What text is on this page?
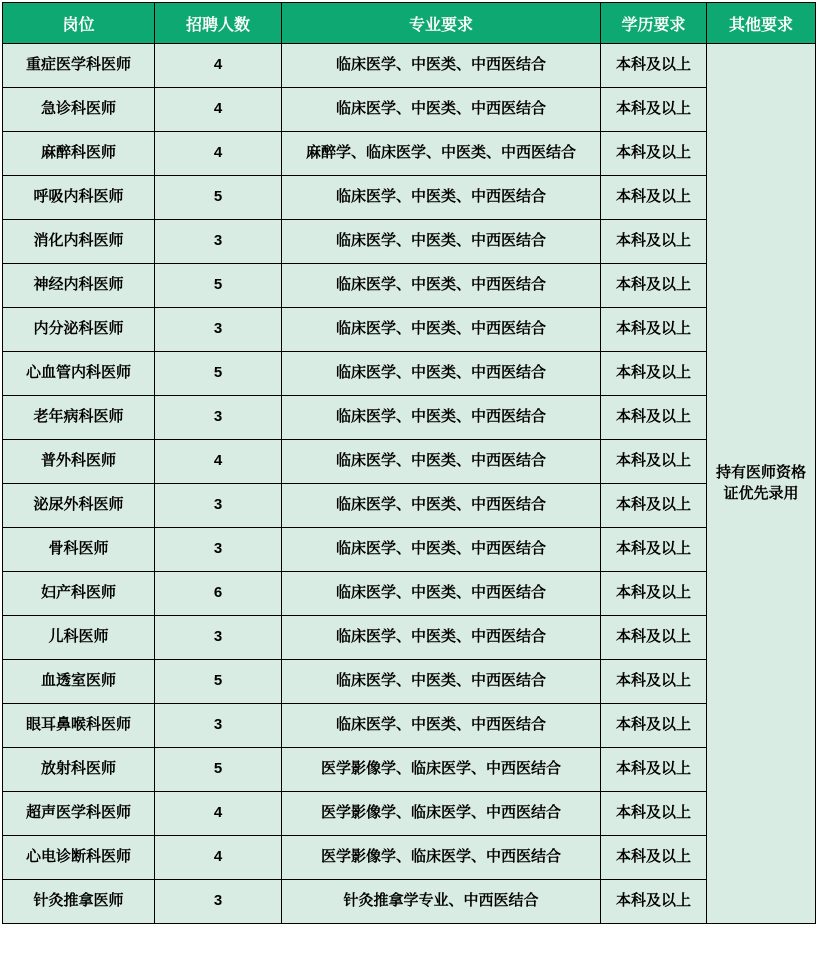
岗位	招聘人数	专业要求	学历要求	其他要求
重症医学科医师	4	临床医学、中医类、中西医结合	本科及以上	持有医师资格证优先录用
急诊科医师	4	临床医学、中医类、中西医结合	本科及以上	
麻醉科医师	4	麻醉学、临床医学、中医类、中西医结合	本科及以上	
呼吸内科医师	5	临床医学、中医类、中西医结合	本科及以上	
消化内科医师	3	临床医学、中医类、中西医结合	本科及以上	
神经内科医师	5	临床医学、中医类、中西医结合	本科及以上	
内分泌科医师	3	临床医学、中医类、中西医结合	本科及以上	
心血管内科医师	5	临床医学、中医类、中西医结合	本科及以上	
老年病科医师	3	临床医学、中医类、中西医结合	本科及以上	
普外科医师	4	临床医学、中医类、中西医结合	本科及以上	
泌尿外科医师	3	临床医学、中医类、中西医结合	本科及以上	
骨科医师	3	临床医学、中医类、中西医结合	本科及以上	
妇产科医师	6	临床医学、中医类、中西医结合	本科及以上	
儿科医师	3	临床医学、中医类、中西医结合	本科及以上	
血透室医师	5	临床医学、中医类、中西医结合	本科及以上	
眼耳鼻喉科医师	3	临床医学、中医类、中西医结合	本科及以上	
放射科医师	5	医学影像学、临床医学、中西医结合	本科及以上	
超声医学科医师	4	医学影像学、临床医学、中西医结合	本科及以上	
心电诊断科医师	4	医学影像学、临床医学、中西医结合	本科及以上	
针灸推拿医师	3	针灸推拿学专业、中西医结合	本科及以上	
